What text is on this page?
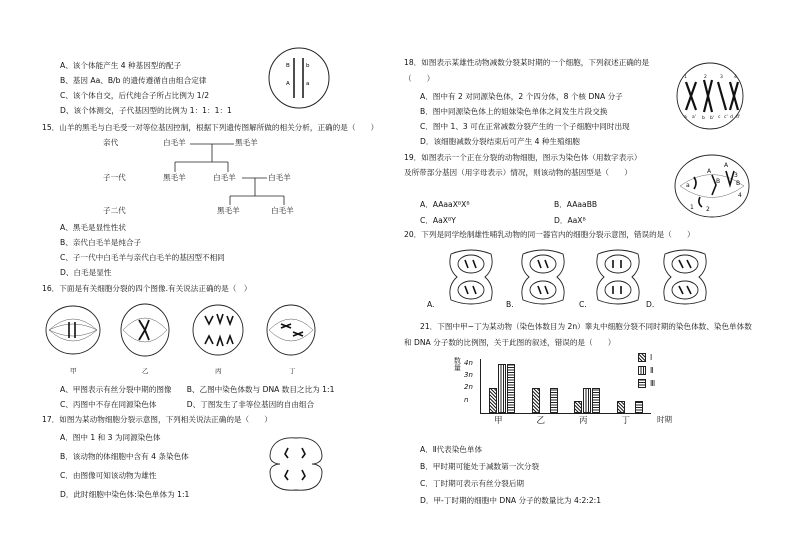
A、该个体能产生 4 种基因型的配子
B、基因 Aa、B/b 的遗传遵循自由组合定律
C、该个体自交，后代纯合子所占比例为 1/2
D、该个体测交，子代基因型的比例为 1：1：1：1
B	b
A	a
15．山羊的黑毛与白毛受一对等位基因控制，根据下列遗传图解所做的相关分析，正确的是（　　）
亲代	白毛羊	黑毛羊
子一代	黑毛羊	白毛羊	白毛羊
子二代	黑毛羊	白毛羊
A、黑毛是显性性状
B、亲代白毛羊是纯合子
C、子一代中白毛羊与亲代白毛羊的基因型不相同
D、白毛是显性
16．下面是有关细胞分裂的四个图像.有关说法正确的是（　）
甲	乙	丙	丁
A、甲图表示有丝分裂中期的图像　　B、乙图中染色体数与 DNA 数目之比为 1:1
C、丙图中不存在同源染色体　　　　D、丁图发生了非等位基因的自由组合
17．如图为某动物细胞分裂示意图，下列相关说法正确的是（　　）
A．图中 1 和 3 为同源染色体
B．该动物的体细胞中含有 4 条染色体
C．由图像可知该动物为雄性
D．此时细胞中染色体:染色单体为 1:1
18．如图表示某雄性动物减数分裂某时期的一个细胞，下列叙述正确的是
（　　）
A．图中有 2 对同源染色体，2 个四分体，8 个核 DNA 分子
B．图中同源染色体上的姐妹染色单体之间发生片段交换
C．图中 1、3 可在正常减数分裂产生的一个子细胞中同时出现
D．该细胞减数分裂结束后可产生 4 种生殖细胞
1	2	3 4
a a' b b' c c' d d'
19．如图表示一个正在分裂的动物细胞，图示为染色体（用数字表示）
及所带部分基因（用字母表示）情况，则该动物的基因型是（　　）
A．AAaaXᴮXᴮ	B．AAaaBB
C．AaXᴮY	D．AaXᴮ
A
B
A
a	B
1 2
3
4
20．下列是同学绘制雄性哺乳动物的同一器官内的细胞分裂示意图，错误的是（　　）
A.	B.	C.	D.
21．下图中甲~丁为某动物（染色体数目为 2n）睾丸中细胞分裂不同时期的染色体数、染色单体数
和 DNA 分子数的比例图，关于此图的叙述，错误的是（　　）
数量 4n
3n
2n
n
甲	乙	丙	丁	时期
Ⅰ
Ⅱ
Ⅲ
A．Ⅱ代表染色单体
B．甲时期可能处于减数第一次分裂
C．丁时期可表示有丝分裂后期
D．甲-丁时期的细胞中 DNA 分子的数量比为 4:2:2:1
